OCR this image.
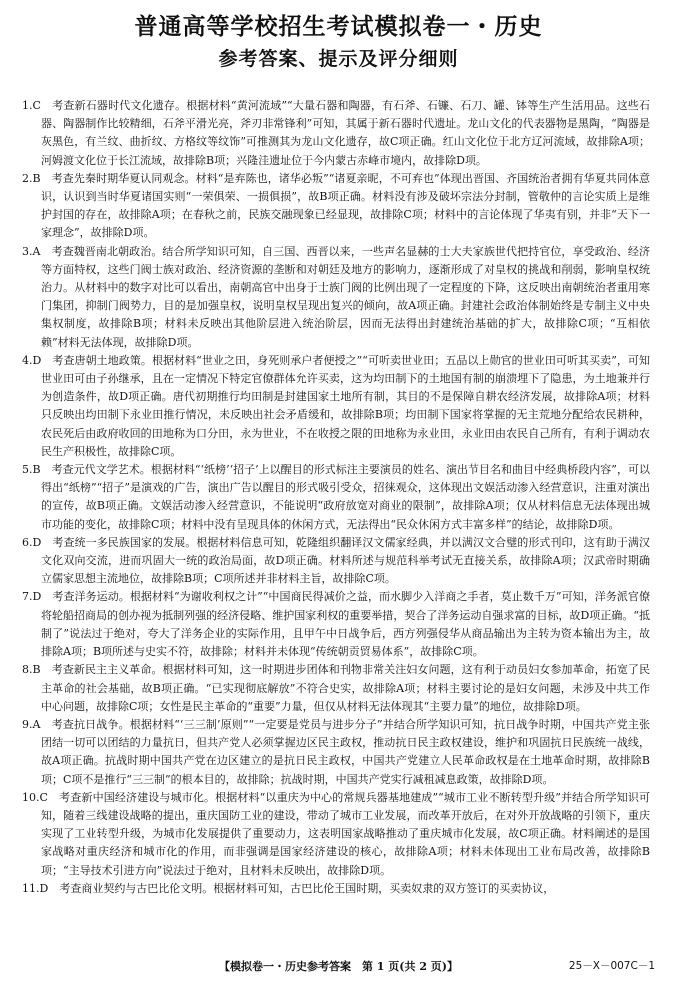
普通高等学校招生考试模拟卷一・历史
参考答案、提示及评分细则

1.C　考查新石器时代文化遗存。根据材料“黄河流域”“大量石器和陶器，有石斧、石镰、石刀、罐、钵等生产生活用品。这些石器、陶器制作比较精细，石斧平滑光亮，斧刃非常锋利”可知，其属于新石器时代遗址。龙山文化的代表器物是黑陶，“陶器是灰黑色，有兰纹、曲折纹、方格纹等纹饰”可推测其为龙山文化遗存，故C项正确。红山文化位于北方辽河流域，故排除A项；河姆渡文化位于长江流域，故排除B项；兴隆洼遗址位于今内蒙古赤峰市境内，故排除D项。

2.B　考查先秦时期华夏认同观念。材料“是弃陈也，诸华必叛”“诸夏亲昵，不可弃也”体现出晋国、齐国统治者拥有华夏共同体意识，认识到当时华夏诸国实则“一荣俱荣、一损俱损”，故B项正确。材料没有涉及破坏宗法分封制，管敬仲的言论实质上是维护封国的存在，故排除A项；在春秋之前，民族交融现象已经显现，故排除C项；材料中的言论体现了华夷有别，并非“天下一家理念”，故排除D项。

3.A　考查魏晋南北朝政治。结合所学知识可知，自三国、西晋以来，一些声名显赫的士大夫家族世代把持官位，享受政治、经济等方面特权，这些门阀士族对政治、经济资源的垄断和对朝廷及地方的影响力，逐渐形成了对皇权的挑战和削弱，影响皇权统治力。从材料中的数字对比可以看出，南朝高官中出身于士族门阀的比例出现了一定程度的下降，这反映出南朝统治者重用寒门集团，抑制门阀势力，目的是加强皇权，说明皇权呈现出复兴的倾向，故A项正确。封建社会政治体制始终是专制主义中央集权制度，故排除B项；材料未反映出其他阶层进入统治阶层，因而无法得出封建统治基础的扩大，故排除C项；“互相依赖”材料无法体现，故排除D项。

4.D　考查唐朝土地政策。根据材料“世业之田，身死则承户者便授之”“可听卖世业田；五品以上勋官的世业田可听其买卖”，可知世业田可由子孙继承，且在一定情况下特定官僚群体允许买卖，这为均田制下的土地国有制的崩溃埋下了隐患，为土地兼并行为创造条件，故D项正确。唐代初期推行均田制是封建国家土地所有制，其目的不是保障自耕农经济发展，故排除A项；材料只反映出均田制下永业田推行情况，未反映出社会矛盾缓和，故排除B项；均田制下国家将掌握的无主荒地分配给农民耕种，农民死后由政府收回的田地称为口分田，永为世业，不在收授之限的田地称为永业田，永业田由农民自己所有，有利于调动农民生产积极性，故排除C项。

5.B　考查元代文学艺术。根据材料“‘纸榜’‘招子’上以醒目的形式标注主要演员的姓名、演出节目名和曲目中经典桥段内容”，可以得出“纸榜”“招子”是演戏的广告，演出广告以醒目的形式吸引受众，招徕观众，这体现出文娱活动渗入经营意识，注重对演出的宣传，故B项正确。文娱活动渗入经营意识，不能说明“政府放宽对商业的限制”，故排除A项；仅从材料信息无法体现出城市功能的变化，故排除C项；材料中没有呈现具体的休闲方式，无法得出“民众休闲方式丰富多样”的结论，故排除D项。

6.D　考查统一多民族国家的发展。根据材料信息可知，乾隆组织翻译汉文儒家经典，并以满汉文合璧的形式刊印，这有助于满汉文化双向交流，进而巩固大一统的政治局面，故D项正确。材料所述与规范科举考试无直接关系，故排除A项；汉武帝时期确立儒家思想主流地位，故排除B项；C项所述并非材料主旨，故排除C项。

7.D　考查洋务运动。根据材料“为谢收利权之计”“中国商民得减价之益，而水脚少入洋商之手者，莫止数千万”可知，洋务派官僚将轮船招商局的创办视为抵制列强的经济侵略、维护国家利权的重要举措，契合了洋务运动自强求富的目标，故D项正确。“抵制了”说法过于绝对，夸大了洋务企业的实际作用，且甲午中日战争后，西方列强侵华从商品输出为主转为资本输出为主，故排除A项；B项所述与史实不符，故排除；材料并未体现“传统朝贡贸易体系”，故排除C项。

8.B　考查新民主主义革命。根据材料可知，这一时期进步团体和刊物非常关注妇女问题，这有利于动员妇女参加革命，拓宽了民主革命的社会基础，故B项正确。“已实现彻底解放”不符合史实，故排除A项；材料主要讨论的是妇女问题，未涉及中共工作中心问题，故排除C项；女性是民主革命的“重要”力量，但仅从材料无法体现其“主要力量”的地位，故排除D项。

9.A　考查抗日战争。根据材料“‘三三制’原则”“一定要是党员与进步分子”并结合所学知识可知，抗日战争时期，中国共产党主张团结一切可以团结的力量抗日，但共产党人必须掌握边区民主政权，推动抗日民主政权建设，维护和巩固抗日民族统一战线，故A项正确。抗战时期中国共产党在边区建立的是抗日民主政权，中国共产党建立人民革命政权是在土地革命时期，故排除B项；C项不是推行“三三制”的根本目的，故排除；抗战时期，中国共产党实行减租减息政策，故排除D项。

10.C　考查新中国经济建设与城市化。根据材料“以重庆为中心的常规兵器基地建成”“城市工业不断转型升级”并结合所学知识可知，随着三线建设战略的提出，重庆国防工业的建设，带动了城市工业发展，而改革开放后，在对外开放战略的引领下，重庆实现了工业转型升级，为城市化发展提供了重要动力，这表明国家战略推动了重庆城市化发展，故C项正确。材料阐述的是国家战略对重庆经济和城市化的作用，而非强调是国家经济建设的核心，故排除A项；材料未体现出工业布局改善，故排除B项；“主导技术引进方向”说法过于绝对，且材料未反映出，故排除D项。

11.D　考查商业契约与古巴比伦文明。根据材料可知，古巴比伦王国时期，买卖奴隶的双方签订的买卖协议，

【模拟卷一・历史参考答案　第 1 页(共 2 页)】	25－X－007C－1
